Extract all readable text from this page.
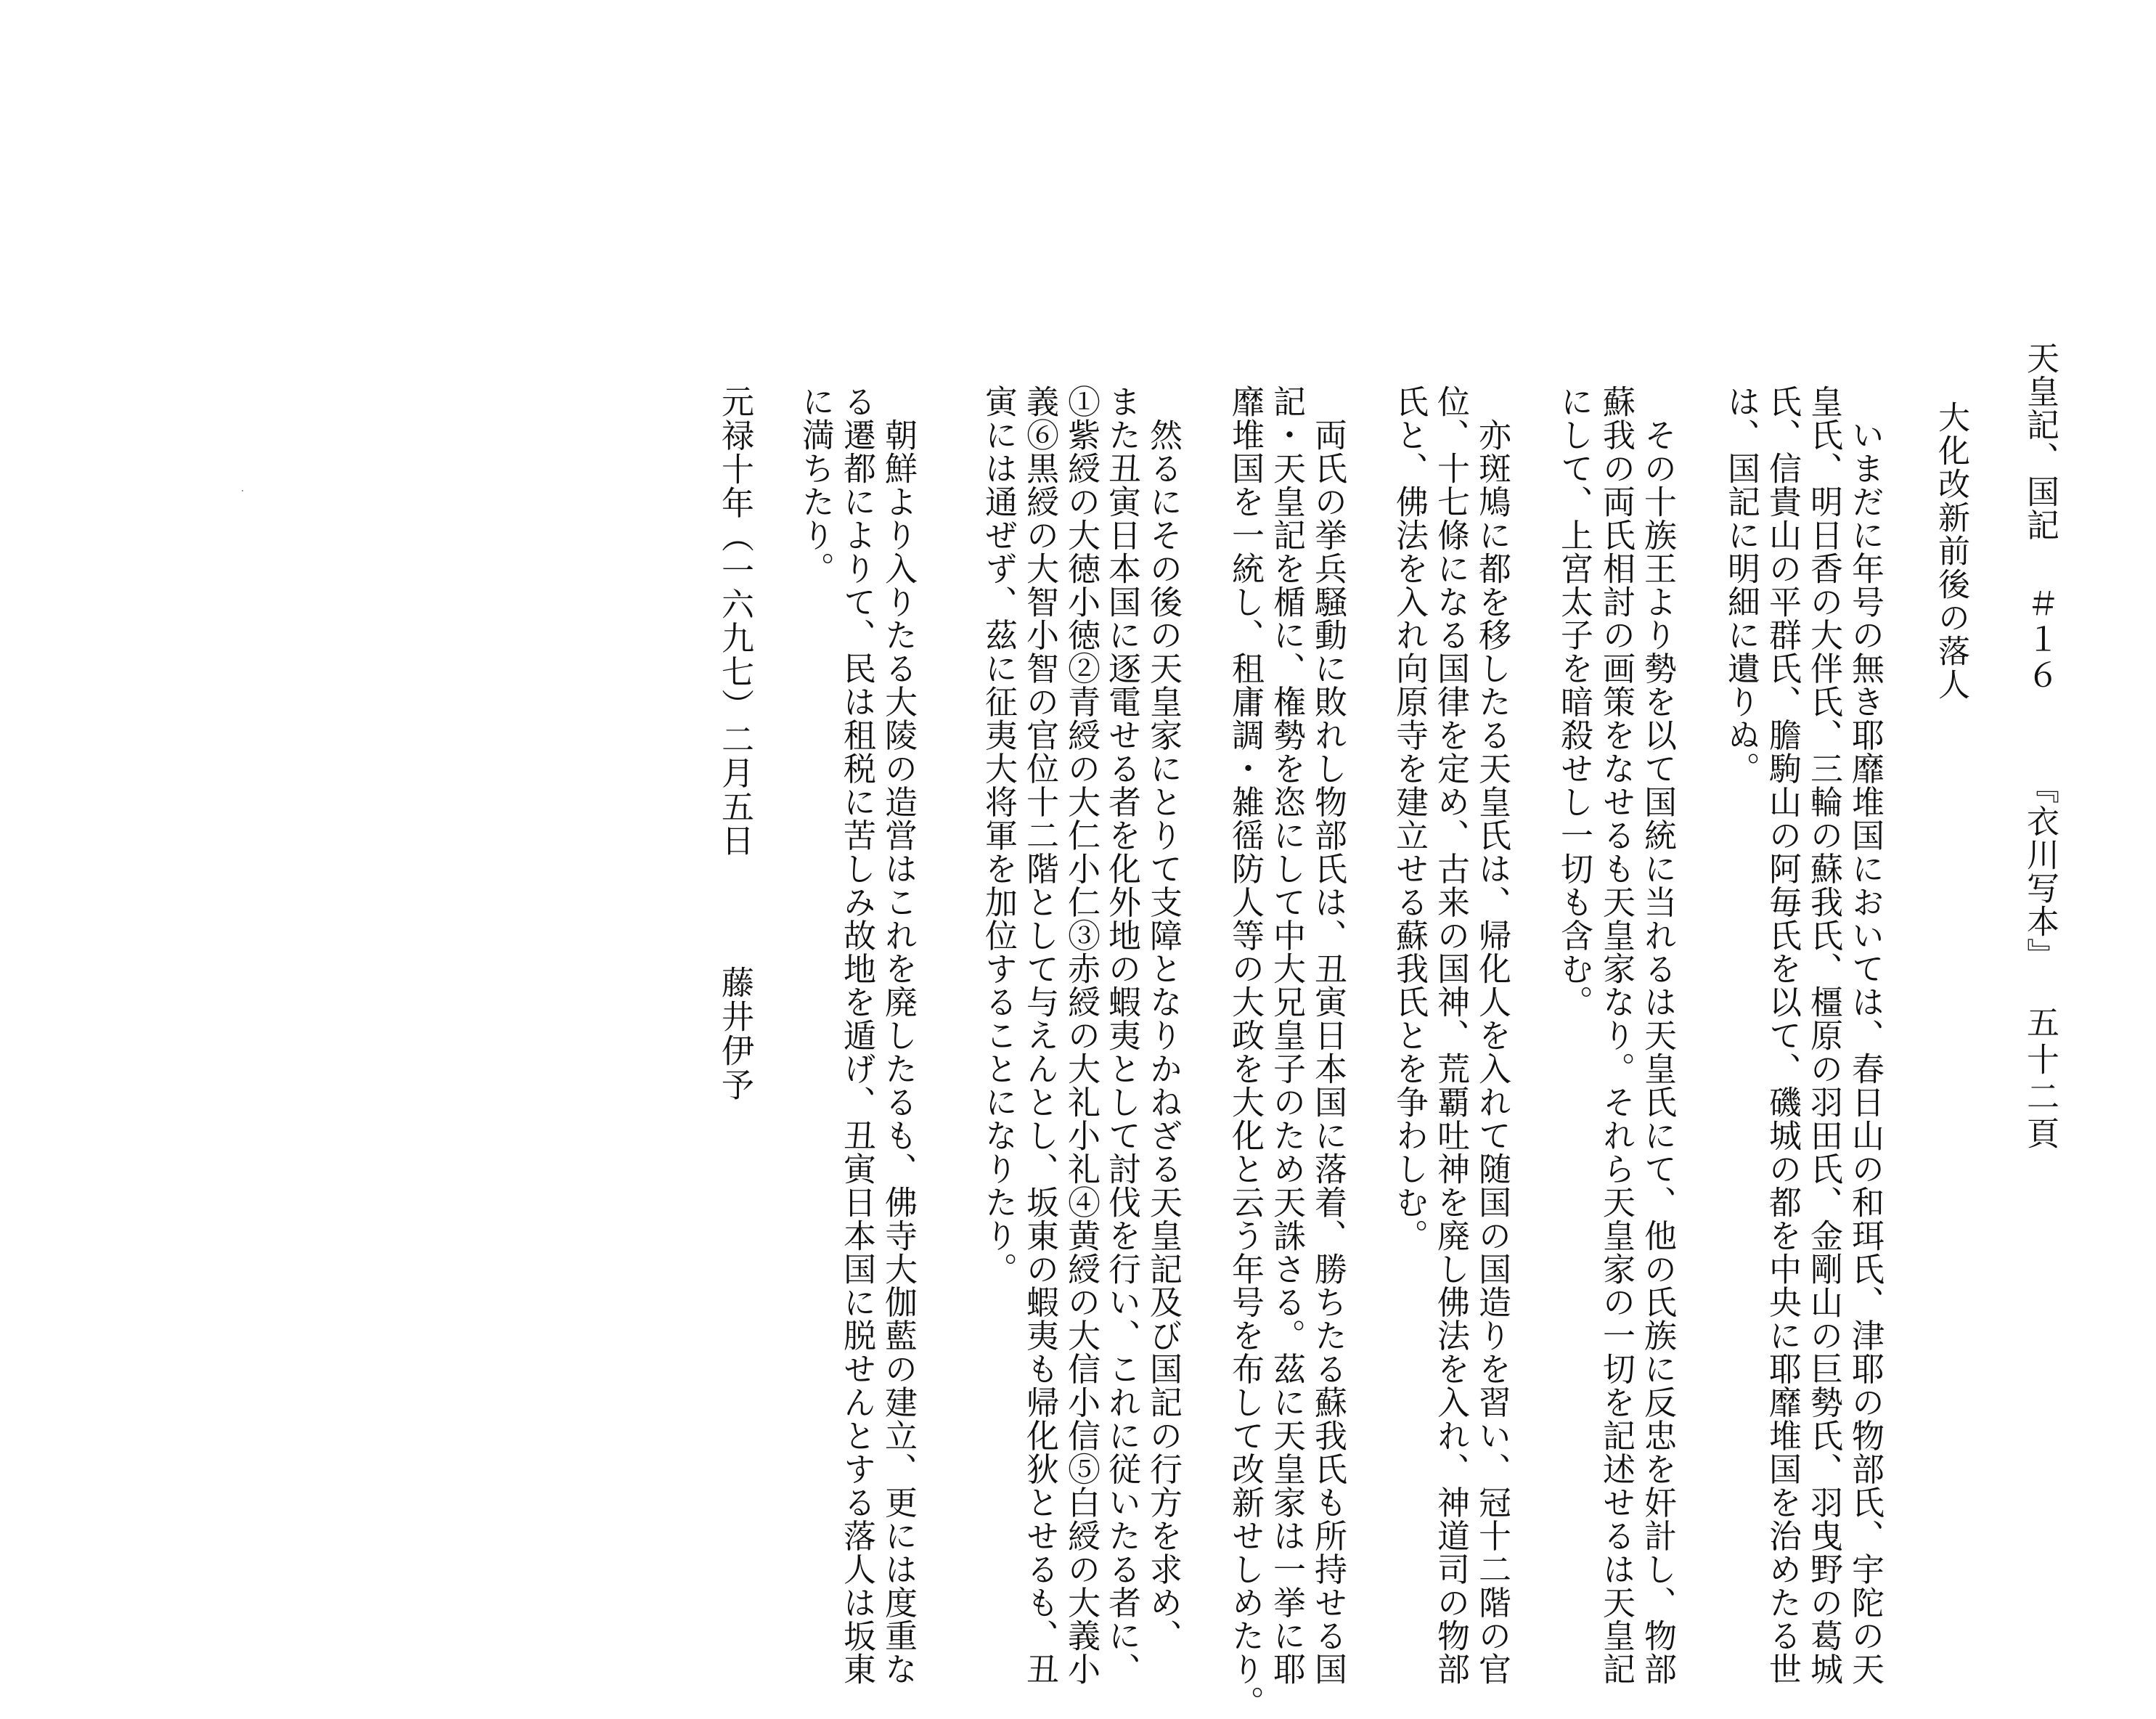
天皇記、国記
＃１６
『衣川写本』
五十二頁
大化改新前後の落人
　いまだに年号の無き耶靡堆国においては、春日山の和珥氏、津耶の物部氏、宇陀の天
皇氏、明日香の大伴氏、三輪の蘇我氏、橿原の羽田氏、金剛山の巨勢氏、羽曳野の葛城
氏、信貴山の平群氏、膽駒山の阿毎氏を以て、磯城の都を中央に耶靡堆国を治めたる世
は、国記に明細に遺りぬ。
　その十族王より勢を以て国統に当れるは天皇氏にて、他の氏族に反忠を奸計し、物部
蘇我の両氏相討の画策をなせるも天皇家なり。それら天皇家の一切を記述せるは天皇記
にして、上宮太子を暗殺せし一切も含む。
　亦斑鳩に都を移したる天皇氏は、帰化人を入れて随国の国造りを習い、冠十二階の官
位、十七條になる国律を定め、古来の国神、荒覇吐神を廃し佛法を入れ、神道司の物部
氏と、佛法を入れ向原寺を建立せる蘇我氏とを争わしむ。
　両氏の挙兵騒動に敗れし物部氏は、丑寅日本国に落着、勝ちたる蘇我氏も所持せる国
記・天皇記を楯に、権勢を恣にして中大兄皇子のため天誅さる。茲に天皇家は一挙に耶
靡堆国を一統し、租庸調・雑徭防人等の大政を大化と云う年号を布して改新せしめたり。
　然るにその後の天皇家にとりて支障となりかねざる天皇記及び国記の行方を求め、
また丑寅日本国に逐電せる者を化外地の蝦夷として討伐を行い、これに従いたる者に、
①紫綬の大徳小徳②青綬の大仁小仁③赤綬の大礼小礼④黄綬の大信小信⑤白綬の大義小
義⑥黒綬の大智小智の官位十二階として与えんとし、坂東の蝦夷も帰化狄とせるも、丑
寅には通ぜず、茲に征夷大将軍を加位することになりたり。
　朝鮮より入りたる大陵の造営はこれを廃したるも、佛寺大伽藍の建立、更には度重な
る遷都によりて、民は租税に苦しみ故地を遁げ、丑寅日本国に脱せんとする落人は坂東
に満ちたり。
元禄十年（一六九七）二月五日
藤井伊予
